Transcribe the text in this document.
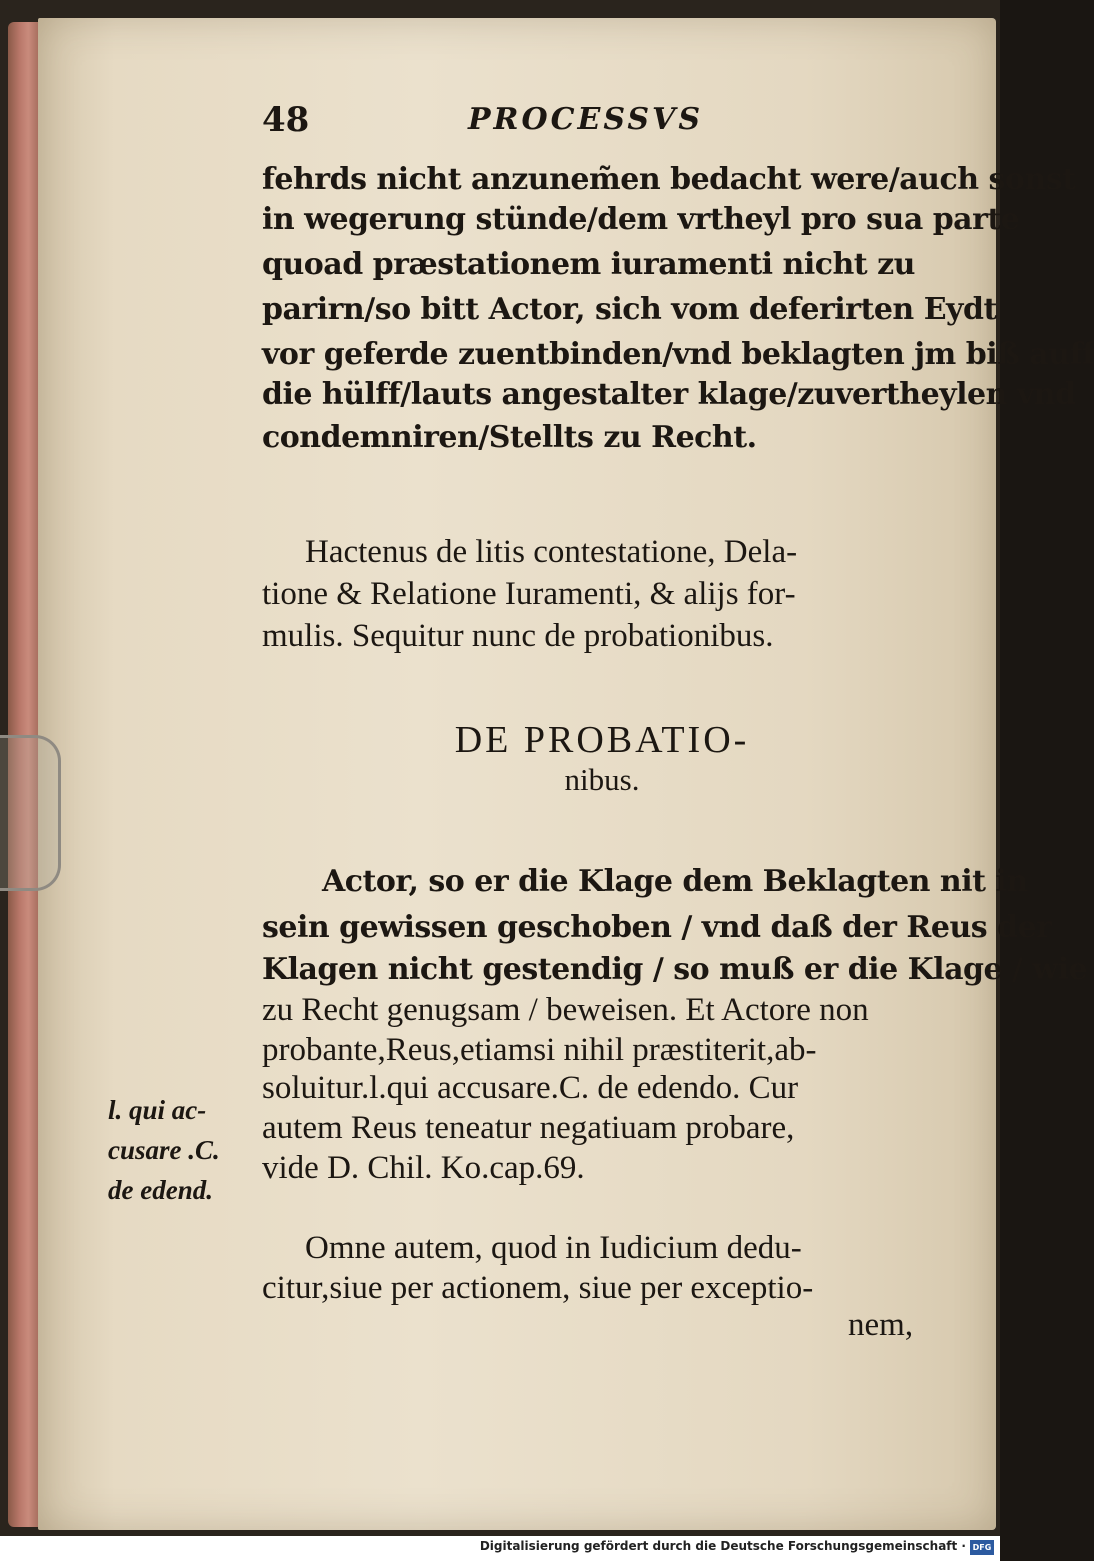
48	PROCESSVS
fehrds nicht anzunem̃en bedacht were/auch sonst
in wegerung stünde/dem vrtheyl pro sua parte
quoad præstationem iuramenti nicht zu
parirn/so bitt Actor, sich vom deferirten Eydt
vor geferde zuentbinden/vnd beklagten jm biß auff
die hülff/lauts angestalter klage/zuvertheylen vnd
condemniren/Stellts zu Recht.
Hactenus de litis contestatione, Dela-
tione & Relatione Iuramenti, & alijs for-
mulis. Sequitur nunc de probationibus.
DE PROBATIO-
nibus.
Actor, so er die Klage dem Beklagten nit in
sein gewissen geschoben / vnd daß der Reus der
Klagen nicht gestendig / so muß er die Klage / wie
zu Recht genugsam / beweisen. Et Actore non
probante,Reus,etiamsi nihil præstiterit,ab-
soluitur.l.qui accusare.C. de edendo. Cur
autem Reus teneatur negatiuam probare,
vide D. Chil. Ko.cap.69.
l. qui ac-
cusare .C.
de edend.
Omne autem, quod in Iudicium dedu-
citur,siue per actionem, siue per exceptio-
nem,
Digitalisierung gefördert durch die Deutsche Forschungsgemeinschaft · DFG
